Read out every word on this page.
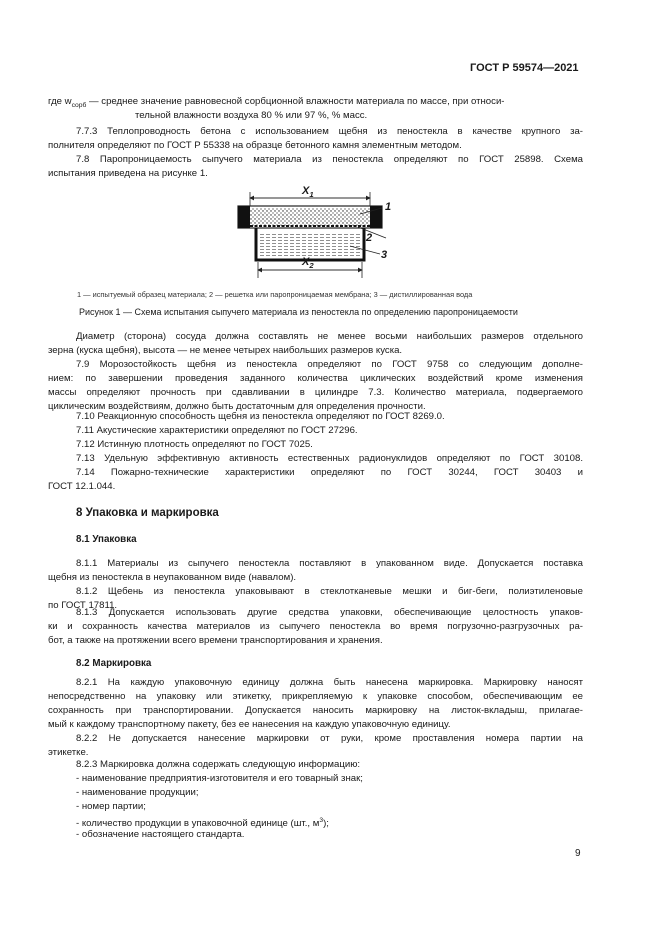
ГОСТ Р 59574—2021
где $w_{сорб}$ — среднее значение равновесной сорбционной влажности материала по массе, при относи-
тельной влажности воздуха 80 % или 97 %, % масс.
7.7.3 Теплопроводность бетона с использованием щебня из пеностекла в качестве крупного за-
полнителя определяют по ГОСТ Р 55338 на образце бетонного камня элементным методом.
7.8 Паропроницаемость сыпучего материала из пеностекла определяют по ГОСТ 25898. Схема
испытания приведена на рисунке 1.
$X_1$
$X_2$
1
2
3
1 — испытуемый образец материала; 2 — решетка или паропроницаемая мембрана; 3 — дистиллированная вода
Рисунок 1 — Схема испытания сыпучего материала из пеностекла по определению паропроницаемости
Диаметр (сторона) сосуда должна составлять не менее восьми наибольших размеров отдельного
зерна (куска щебня), высота — не менее четырех наибольших размеров куска.
7.9 Морозостойкость щебня из пеностекла определяют по ГОСТ 9758 со следующим дополне-
нием: по завершении проведения заданного количества циклических воздействий кроме изменения
массы определяют прочность при сдавливании в цилиндре 7.3. Количество материала, подвергаемого
циклическим воздействиям, должно быть достаточным для определения прочности.
7.10 Реакционную способность щебня из пеностекла определяют по ГОСТ 8269.0.
7.11 Акустические характеристики определяют по ГОСТ 27296.
7.12 Истинную плотность определяют по ГОСТ 7025.
7.13 Удельную эффективную активность естественных радионуклидов определяют по ГОСТ 30108.
7.14 Пожарно-технические характеристики определяют по ГОСТ 30244, ГОСТ 30403 и
ГОСТ 12.1.044.
8 Упаковка и маркировка
8.1 Упаковка
8.1.1 Материалы из сыпучего пеностекла поставляют в упакованном виде. Допускается поставка
щебня из пеностекла в неупакованном виде (навалом).
8.1.2 Щебень из пеностекла упаковывают в стеклотканевые мешки и биг-беги, полиэтиленовые
по ГОСТ 17811.
8.1.3 Допускается использовать другие средства упаковки, обеспечивающие целостность упаков-
ки и сохранность качества материалов из сыпучего пеностекла во время погрузочно-разгрузочных ра-
бот, а также на протяжении всего времени транспортирования и хранения.
8.2 Маркировка
8.2.1 На каждую упаковочную единицу должна быть нанесена маркировка. Маркировку наносят
непосредственно на упаковку или этикетку, прикрепляемую к упаковке способом, обеспечивающим ее
сохранность при транспортировании. Допускается наносить маркировку на листок-вкладыш, прилагае-
мый к каждому транспортному пакету, без ее нанесения на каждую упаковочную единицу.
8.2.2 Не допускается нанесение маркировки от руки, кроме проставления номера партии на
этикетке.
8.2.3 Маркировка должна содержать следующую информацию:
- наименование предприятия-изготовителя и его товарный знак;
- наименование продукции;
- номер партии;
- количество продукции в упаковочной единице (шт., $м^3$);
- обозначение настоящего стандарта.
9
